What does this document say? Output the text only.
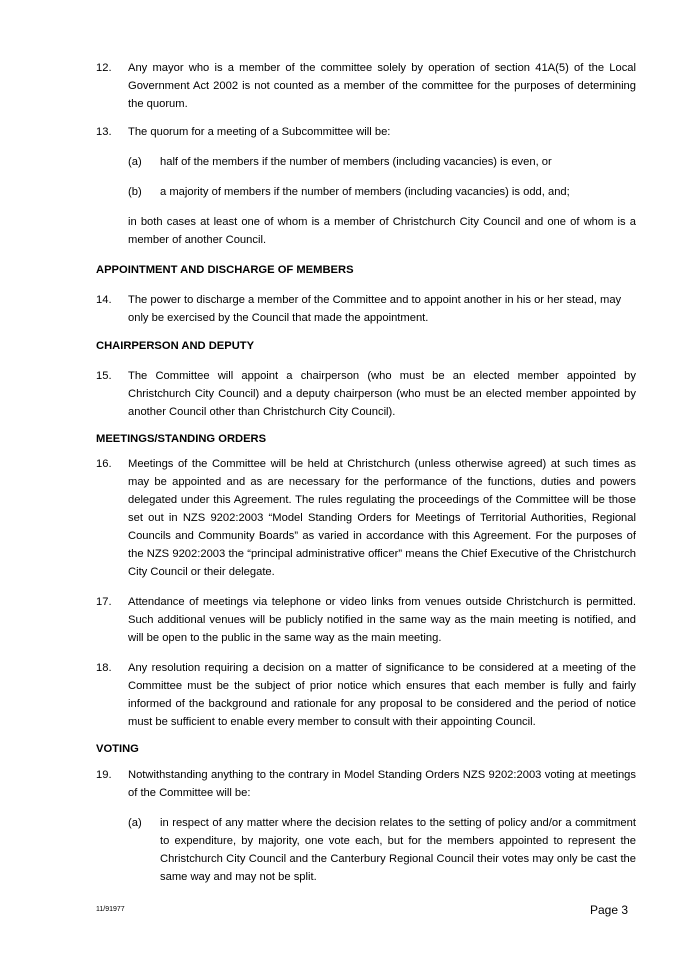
12.	Any mayor who is a member of the committee solely by operation of section 41A(5) of the Local Government Act 2002 is not counted as a member of the committee for the purposes of determining the quorum.
13.	The quorum for a meeting of a Subcommittee will be:
(a) half of the members if the number of members (including vacancies) is even, or
(b) a majority of members if the number of members (including vacancies) is odd, and;
in both cases at least one of whom is a member of Christchurch City Council and one of whom is a member of another Council.
APPOINTMENT AND DISCHARGE OF MEMBERS
14.	The power to discharge a member of the Committee and to appoint another in his or her stead, may only be exercised by the Council that made the appointment.
CHAIRPERSON AND DEPUTY
15.	The Committee will appoint a chairperson (who must be an elected member appointed by Christchurch City Council) and a deputy chairperson (who must be an elected member appointed by another Council other than Christchurch City Council).
MEETINGS/STANDING ORDERS
16.	Meetings of the Committee will be held at Christchurch (unless otherwise agreed) at such times as may be appointed and as are necessary for the performance of the functions, duties and powers delegated under this Agreement. The rules regulating the proceedings of the Committee will be those set out in NZS 9202:2003 “Model Standing Orders for Meetings of Territorial Authorities, Regional Councils and Community Boards” as varied in accordance with this Agreement. For the purposes of the NZS 9202:2003 the “principal administrative officer” means the Chief Executive of the Christchurch City Council or their delegate.
17.	Attendance of meetings via telephone or video links from venues outside Christchurch is permitted. Such additional venues will be publicly notified in the same way as the main meeting is notified, and will be open to the public in the same way as the main meeting.
18.	Any resolution requiring a decision on a matter of significance to be considered at a meeting of the Committee must be the subject of prior notice which ensures that each member is fully and fairly informed of the background and rationale for any proposal to be considered and the period of notice must be sufficient to enable every member to consult with their appointing Council.
VOTING
19.	Notwithstanding anything to the contrary in Model Standing Orders NZS 9202:2003 voting at meetings of the Committee will be:
(a) in respect of any matter where the decision relates to the setting of policy and/or a commitment to expenditure, by majority, one vote each, but for the members appointed to represent the Christchurch City Council and the Canterbury Regional Council their votes may only be cast the same way and may not be split.
11/91977	Page 3
